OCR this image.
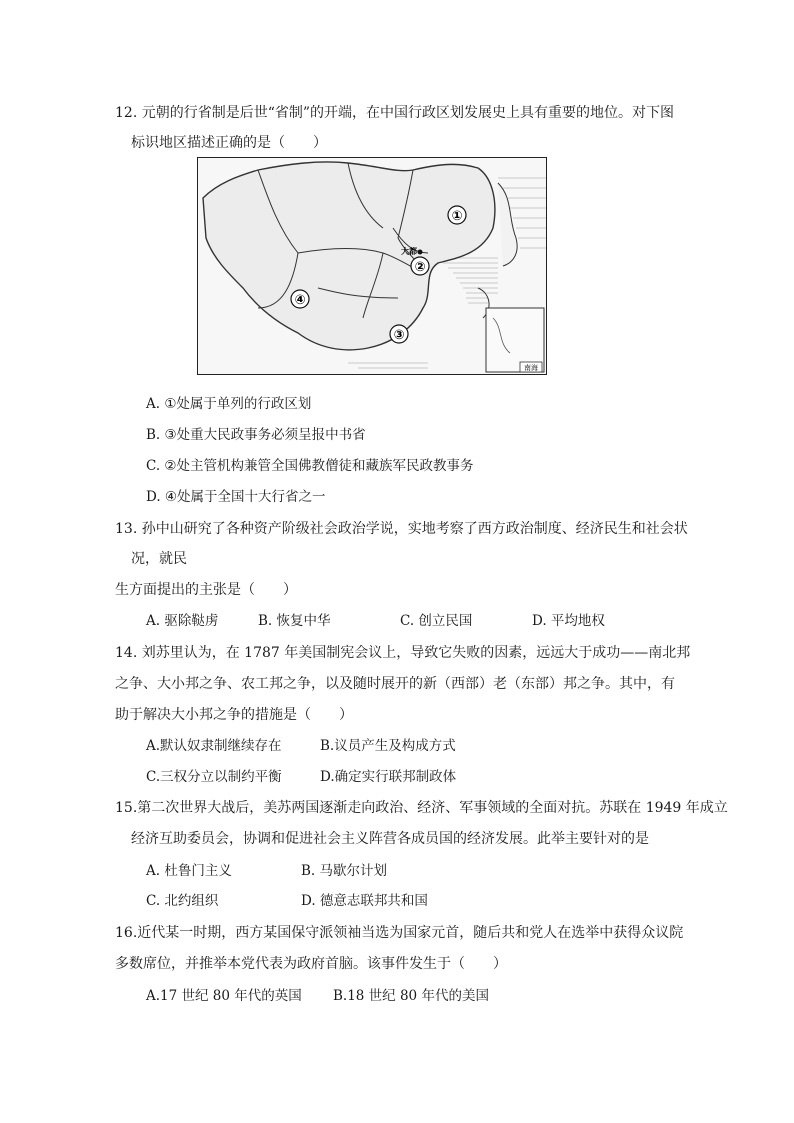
12. 元朝的行省制是后世“省制”的开端，在中国行政区划发展史上具有重要的地位。对下图
标识地区描述正确的是（　　）
南海
大都
①
②
③
④
A. ①处属于单列的行政区划
B. ③处重大民政事务必须呈报中书省
C. ②处主管机构兼管全国佛教僧徒和藏族军民政教事务
D. ④处属于全国十大行省之一
13. 孙中山研究了各种资产阶级社会政治学说，实地考察了西方政治制度、经济民生和社会状
况，就民
生方面提出的主张是（　　）
A. 驱除鞑虏	B. 恢复中华	C. 创立民国	D. 平均地权
14. 刘苏里认为，在 1787 年美国制宪会议上，导致它失败的因素，远远大于成功——南北邦
之争、大小邦之争、农工邦之争，以及随时展开的新（西部）老（东部）邦之争。其中，有
助于解决大小邦之争的措施是（　　）
A.默认奴隶制继续存在	B.议员产生及构成方式
C.三权分立以制约平衡	D.确定实行联邦制政体
15.第二次世界大战后，美苏两国逐渐走向政治、经济、军事领域的全面对抗。苏联在 1949 年成立
经济互助委员会，协调和促进社会主义阵营各成员国的经济发展。此举主要针对的是
A. 杜鲁门主义	B. 马歇尔计划
C. 北约组织	D. 德意志联邦共和国
16.近代某一时期，西方某国保守派领袖当选为国家元首，随后共和党人在选举中获得众议院
多数席位，并推举本党代表为政府首脑。该事件发生于（　　）
A.17 世纪 80 年代的英国 B.18 世纪 80 年代的美国
